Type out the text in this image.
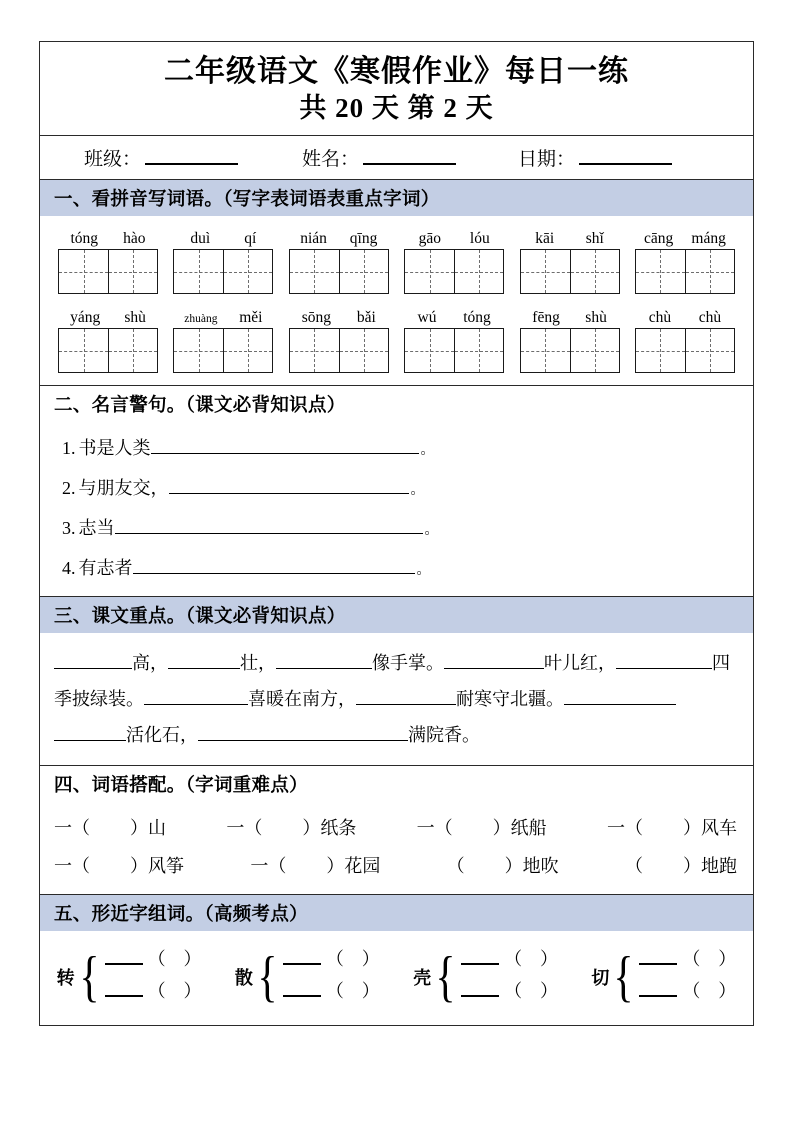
二年级语文《寒假作业》每日一练
共 20 天 第 2 天
班级：	姓名：	日期：
一、看拼音写词语。（写字表词语表重点字词）
tóng hào	duì qí	nián qīng	gāo lóu	kāi shǐ	cāng máng
yáng shù	zhuàng měi	sōng bǎi	wú tóng	fēng shù	chù chù
二、名言警句。（课文必背知识点）
1. 书是人类	。
2. 与朋友交，	。
3. 志当	。
4. 有志者	。
三、课文重点。（课文必背知识点）
高，	壮，	像手掌。	叶儿红，	四
季披绿装。	喜暖在南方，	耐寒守北疆。
活化石，	满院香。
四、词语搭配。（字词重难点）
一（ ）山	一（ ）纸条	一（ ）纸船	一（ ）风车
一（ ）风筝	一（ ）花园	（ ）地吹	（ ）地跑
五、形近字组词。（高频考点）
转 {	（    ）
（    ）
散 {	（    ）
（    ）
壳 {	（    ）
（    ）
切 {	（    ）
（    ）
